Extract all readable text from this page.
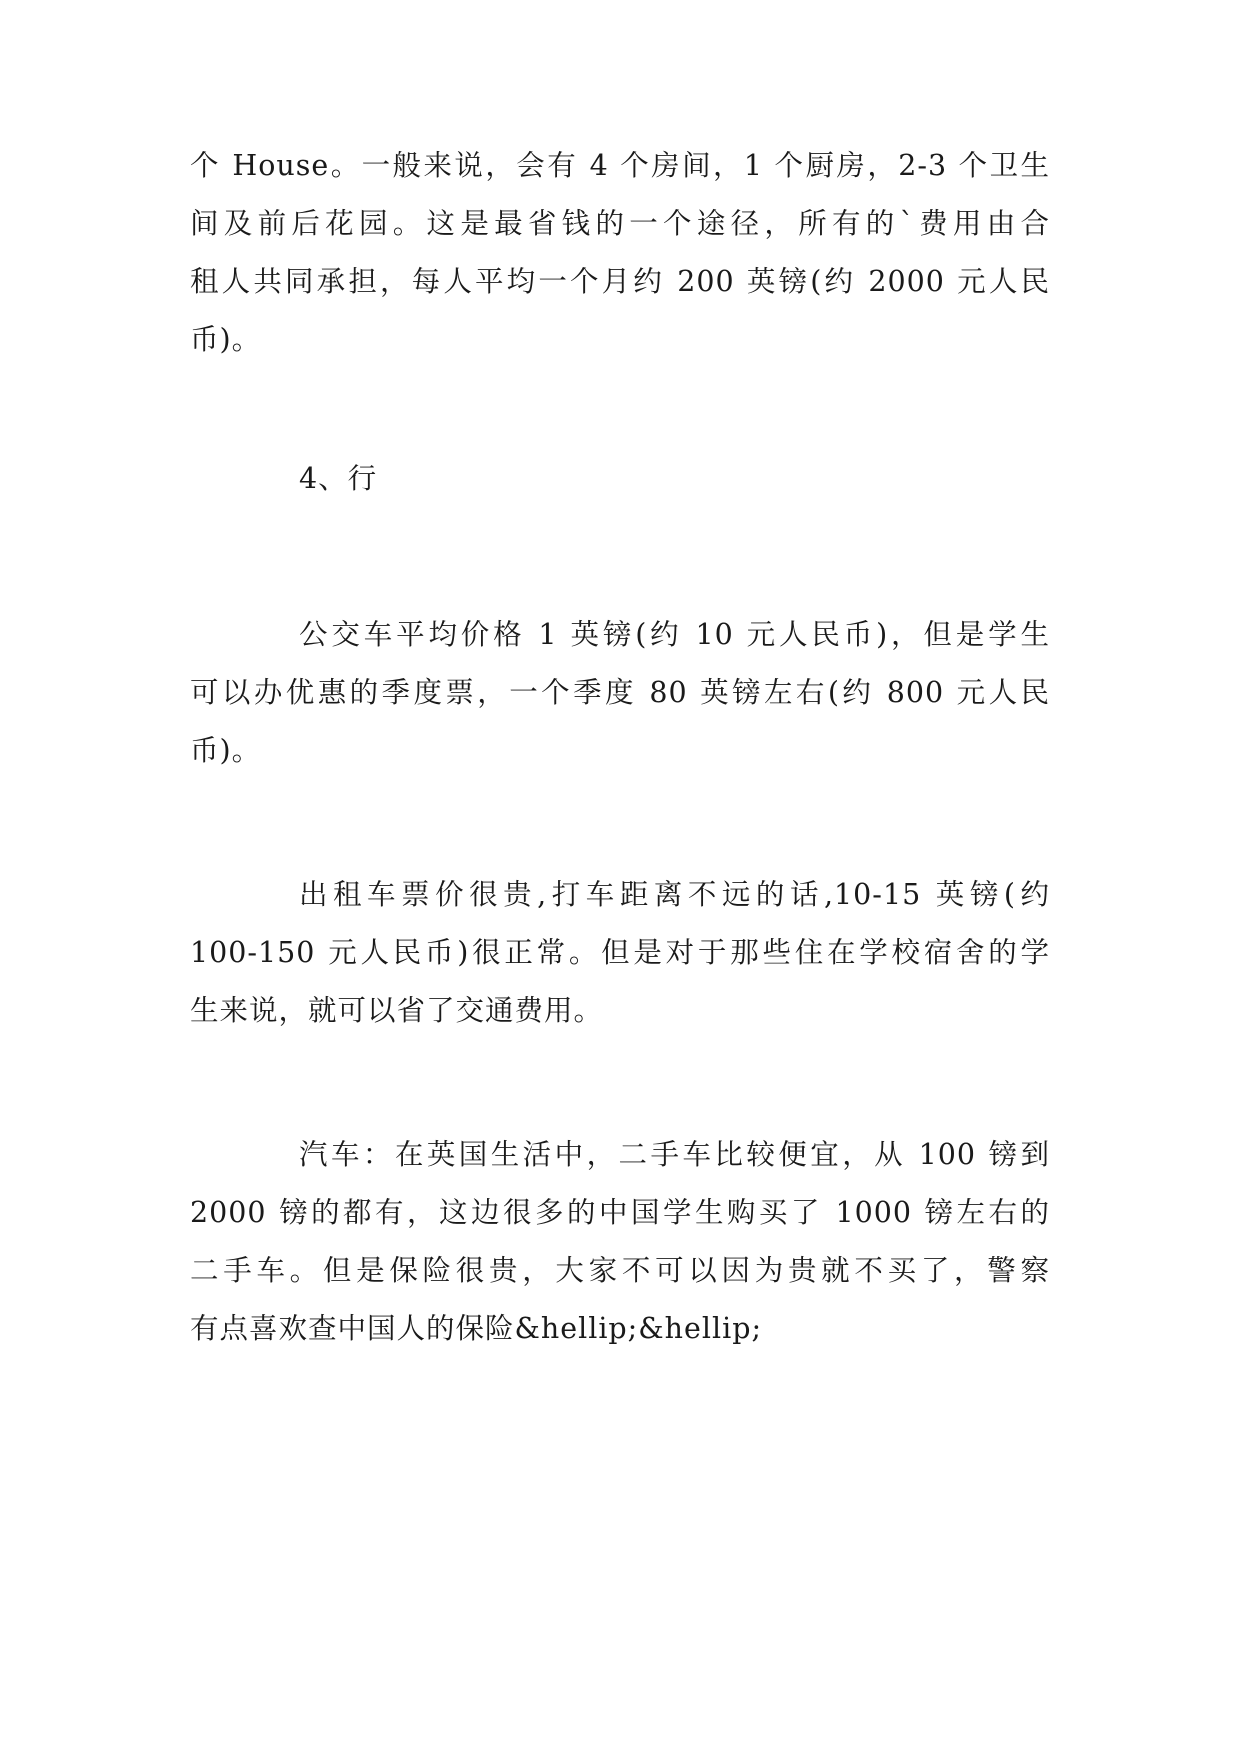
个 House。一般来说，会有 4 个房间，1 个厨房，2-3 个卫生
间及前后花园。这是最省钱的一个途径，所有的`费用由合
租人共同承担，每人平均一个月约 200 英镑(约 2000 元人民
币)。
4、行
公交车平均价格 1 英镑(约 10 元人民币)，但是学生
可以办优惠的季度票，一个季度 80 英镑左右(约 800 元人民
币)。
出租车票价很贵,打车距离不远的话,10-15 英镑(约
100-150 元人民币)很正常。但是对于那些住在学校宿舍的学
生来说，就可以省了交通费用。
汽车：在英国生活中，二手车比较便宜，从 100 镑到
2000 镑的都有，这边很多的中国学生购买了 1000 镑左右的
二手车。但是保险很贵，大家不可以因为贵就不买了，警察
有点喜欢查中国人的保险&hellip;&hellip;
